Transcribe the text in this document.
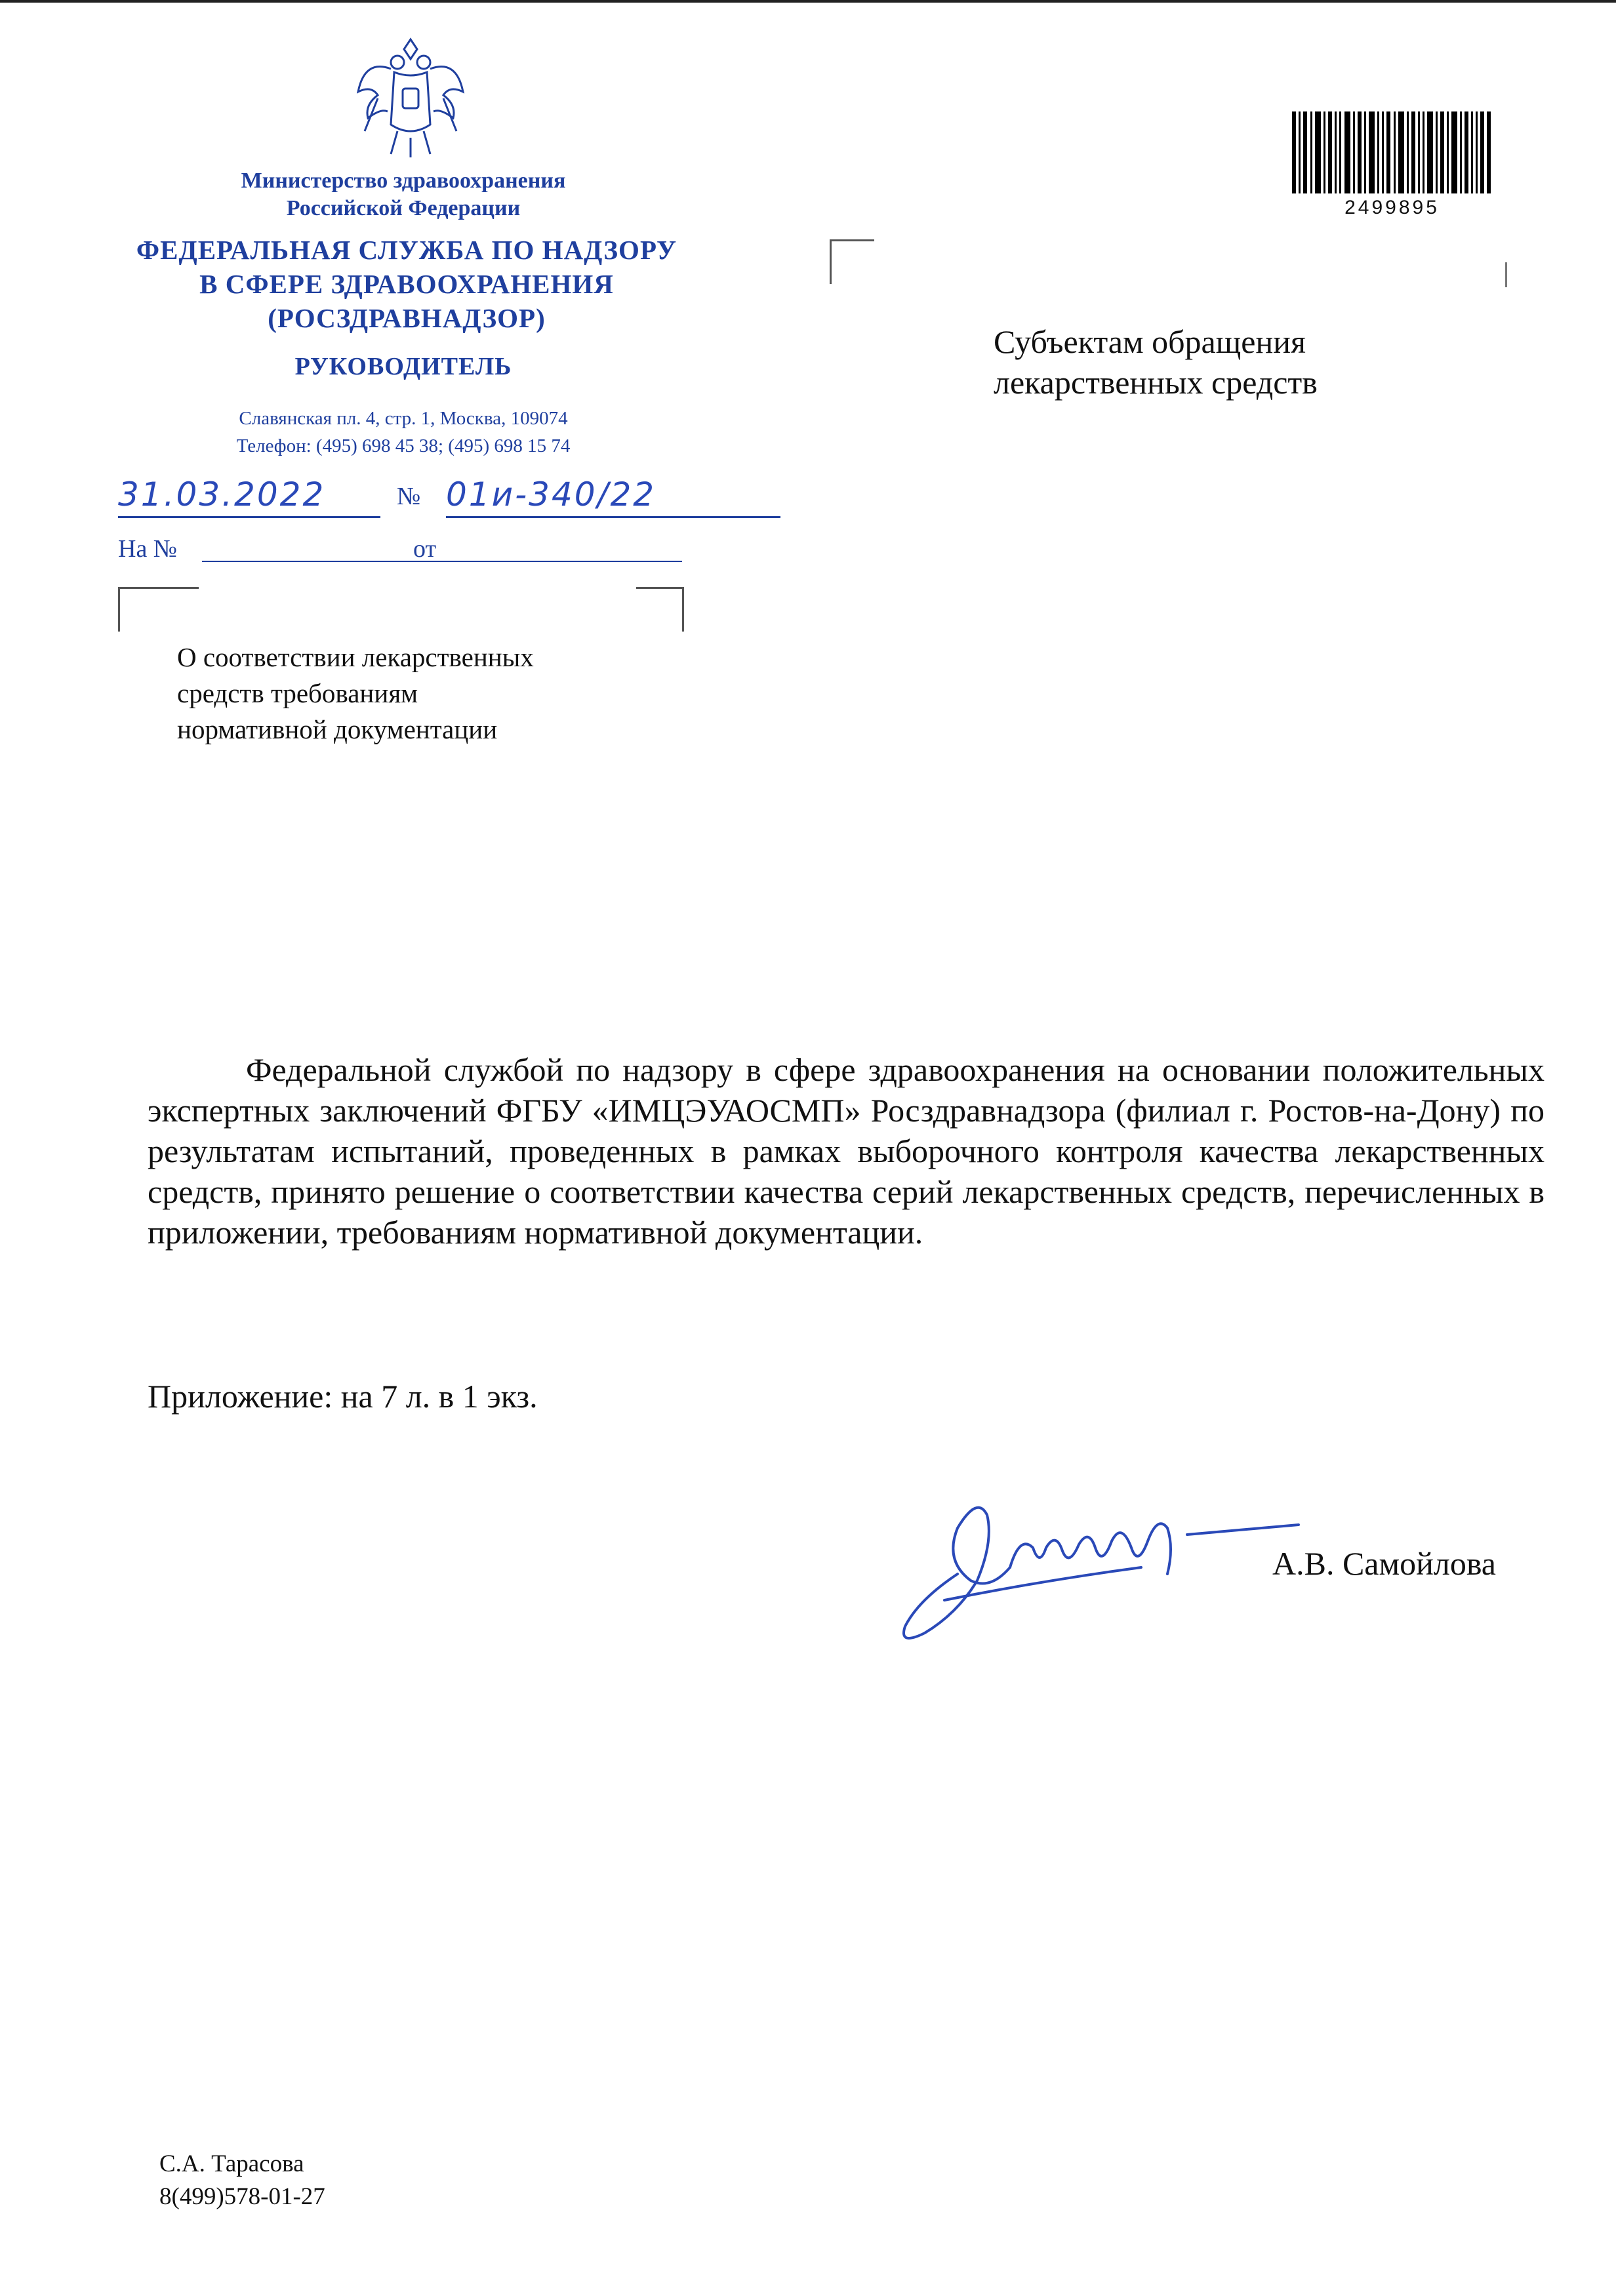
Министерство здравоохранения
Российской Федерации
ФЕДЕРАЛЬНАЯ СЛУЖБА ПО НАДЗОРУ
В СФЕРЕ ЗДРАВООХРАНЕНИЯ
(РОСЗДРАВНАДЗОР)
РУКОВОДИТЕЛЬ
Славянская пл. 4, стр. 1, Москва, 109074
Телефон: (495) 698 45 38; (495) 698 15 74
31.03.2022	№ 01и-340/22
На №	от
О соответствии лекарственных
средств требованиям
нормативной документации
Субъектам обращения
лекарственных средств
2499895
Федеральной службой по надзору в сфере здравоохранения на основании положительных экспертных заключений ФГБУ «ИМЦЭУАОСМП» Росздравнадзора (филиал г. Ростов-на-Дону) по результатам испытаний, проведенных в рамках выборочного контроля качества лекарственных средств, принято решение о соответствии качества серий лекарственных средств, перечисленных в приложении, требованиям нормативной документации.
Приложение: на 7 л. в 1 экз.
А.В. Самойлова
С.А. Тарасова
8(499)578-01-27
